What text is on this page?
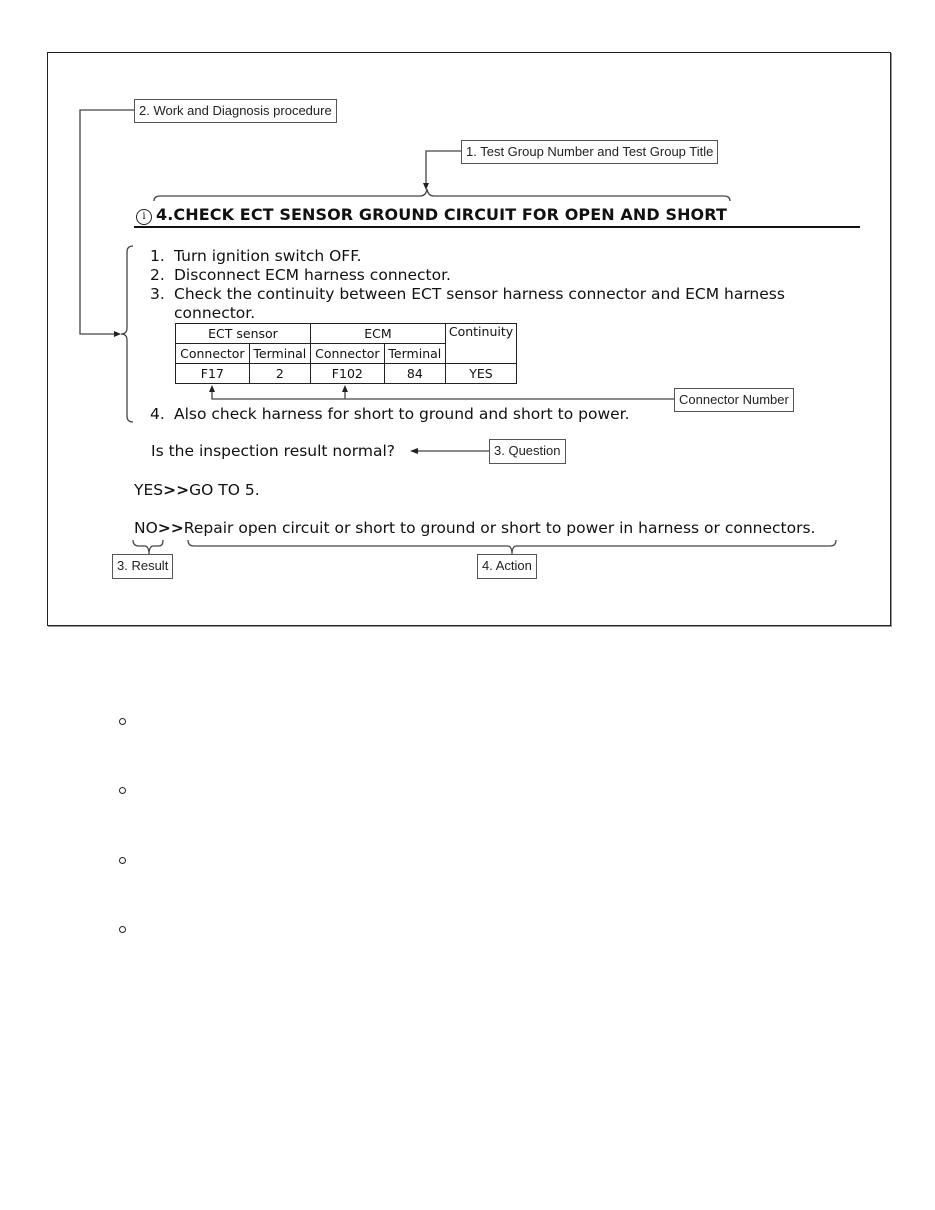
2. Work and Diagnosis procedure
1. Test Group Number and Test Group Title
i 4.CHECK ECT SENSOR GROUND CIRCUIT FOR OPEN AND SHORT
1. Turn ignition switch OFF.
2. Disconnect ECM harness connector.
3. Check the continuity between ECT sensor harness connector and ECM harness
connector.
ECT sensor		ECM		Continuity
Connector	Terminal	Connector	Terminal	
F17	2	F102	84	YES
Connector Number
4. Also check harness for short to ground and short to power.
Is the inspection result normal?	3. Question
YES>>GO TO 5.
NO>>Repair open circuit or short to ground or short to power in harness or connectors.
3. Result	4. Action
